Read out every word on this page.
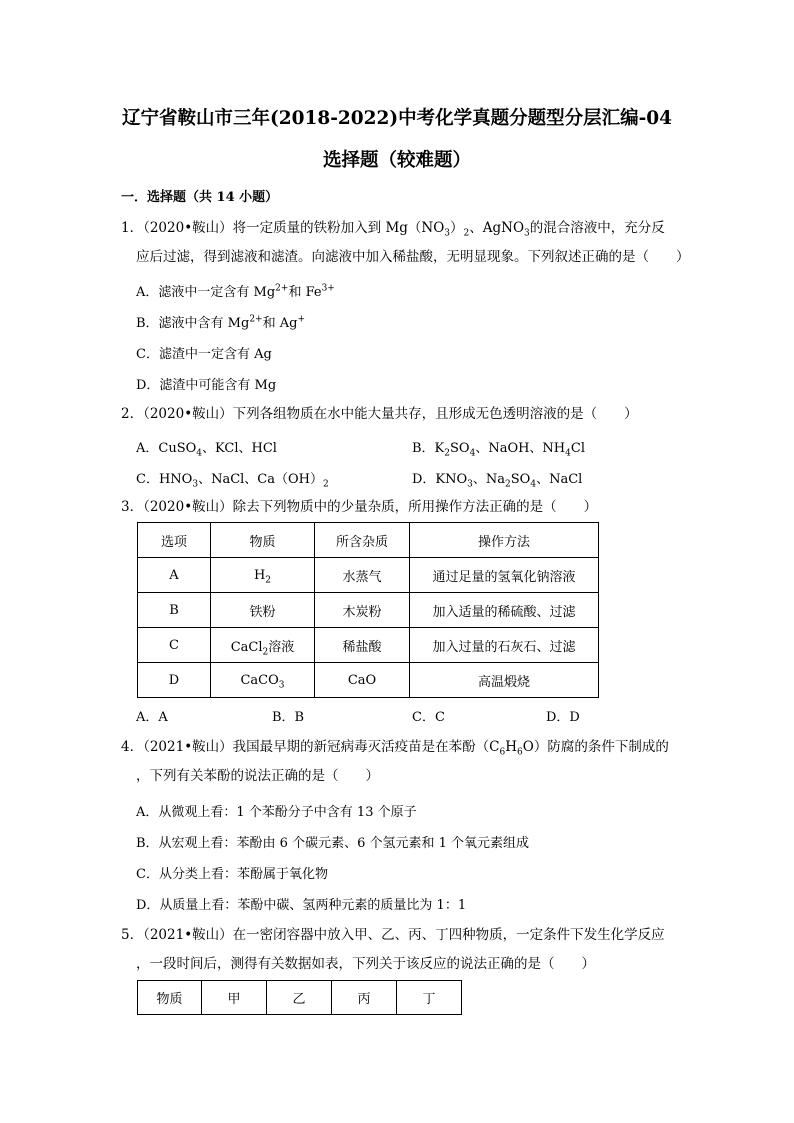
辽宁省鞍山市三年(2018-2022)中考化学真题分题型分层汇编-04
选择题（较难题）
一．选择题（共 14 小题）
1．（2020•鞍山）将一定质量的铁粉加入到 $Mg(NO_3)_2$、AgNO$_3$的混合溶液中，充分反
应后过滤，得到滤液和滤渣。向滤液中加入稀盐酸，无明显现象。下列叙述正确的是（　　）
A．滤液中一定含有 $Mg^{2+}$和 $Fe^{3+}$
B．滤液中含有 $Mg^{2+}$和 Ag+
C．滤渣中一定含有 Ag
D．滤渣中可能含有 Mg
2．（2020•鞍山）下列各组物质在水中能大量共存，且形成无色透明溶液的是（　　）
A．CuSO$_4$、KCl、HCl	B．$K_2SO_4$、NaOH、$NH_4Cl$
C．$HNO_3$、NaCl、$Ca(OH)_2$	D．$KNO_3$、$Na_2SO_4$、NaCl
3．（2020•鞍山）除去下列物质中的少量杂质，所用操作方法正确的是（　　）
选项	物质	所含杂质	操作方法
A	$H_2$	水蒸气	通过足量的氢氧化钠溶液
B	铁粉	木炭粉	加入适量的稀硫酸、过滤
C	CaCl$_2$溶液	稀盐酸	加入过量的石灰石、过滤
D	CaCO$_3$	CaO	高温煅烧
A．A	B．B	C．C	D．D
4．（2021•鞍山）我国最早期的新冠病毒灭活疫苗是在苯酚$(C_6H_6O)$防腐的条件下制成的
，下列有关苯酚的说法正确的是（　　）
A．从微观上看：1 个苯酚分子中含有 13 个原子
B．从宏观上看：苯酚由 6 个碳元素、6 个氢元素和 1 个氧元素组成
C．从分类上看：苯酚属于氧化物
D．从质量上看：苯酚中碳、氢两种元素的质量比为 1：1
5．（2021•鞍山）在一密闭容器中放入甲、乙、丙、丁四种物质，一定条件下发生化学反应
，一段时间后，测得有关数据如表，下列关于该反应的说法正确的是（　　）
物质	甲	乙	丙	丁
